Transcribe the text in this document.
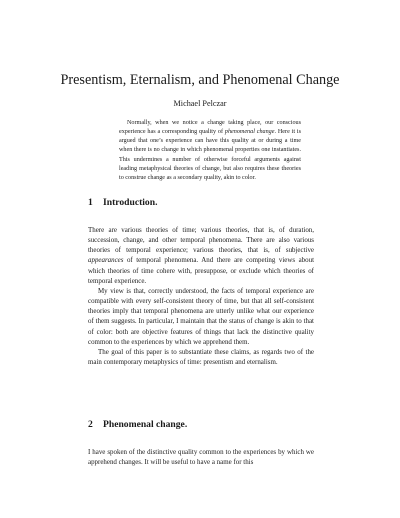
Presentism, Eternalism, and Phenomenal Change
Michael Pelczar

Normally, when we notice a change taking place, our conscious experience has a corresponding quality of phenomenal change. Here it is argued that one’s experience can have this quality at or during a time when there is no change in which phenomenal properties one instantiates. This undermines a number of otherwise forceful arguments against leading metaphysical theories of change, but also requires these theories to construe change as a secondary quality, akin to color.

1 Introduction.

There are various theories of time; various theories, that is, of duration, succession, change, and other temporal phenomena. There are also various theories of temporal experience; various theories, that is, of subjective appearances of temporal phenomena. And there are competing views about which theories of time cohere with, presuppose, or exclude which theories of temporal experience.

My view is that, correctly understood, the facts of temporal experience are compatible with every self-consistent theory of time, but that all self-consistent theories imply that temporal phenomena are utterly unlike what our experience of them suggests. In particular, I maintain that the status of change is akin to that of color: both are objective features of things that lack the distinctive quality common to the experiences by which we apprehend them.

The goal of this paper is to substantiate these claims, as regards two of the main contemporary metaphysics of time: presentism and eternalism.

2 Phenomenal change.

I have spoken of the distinctive quality common to the experiences by which we apprehend changes. It will be useful to have a name for this
